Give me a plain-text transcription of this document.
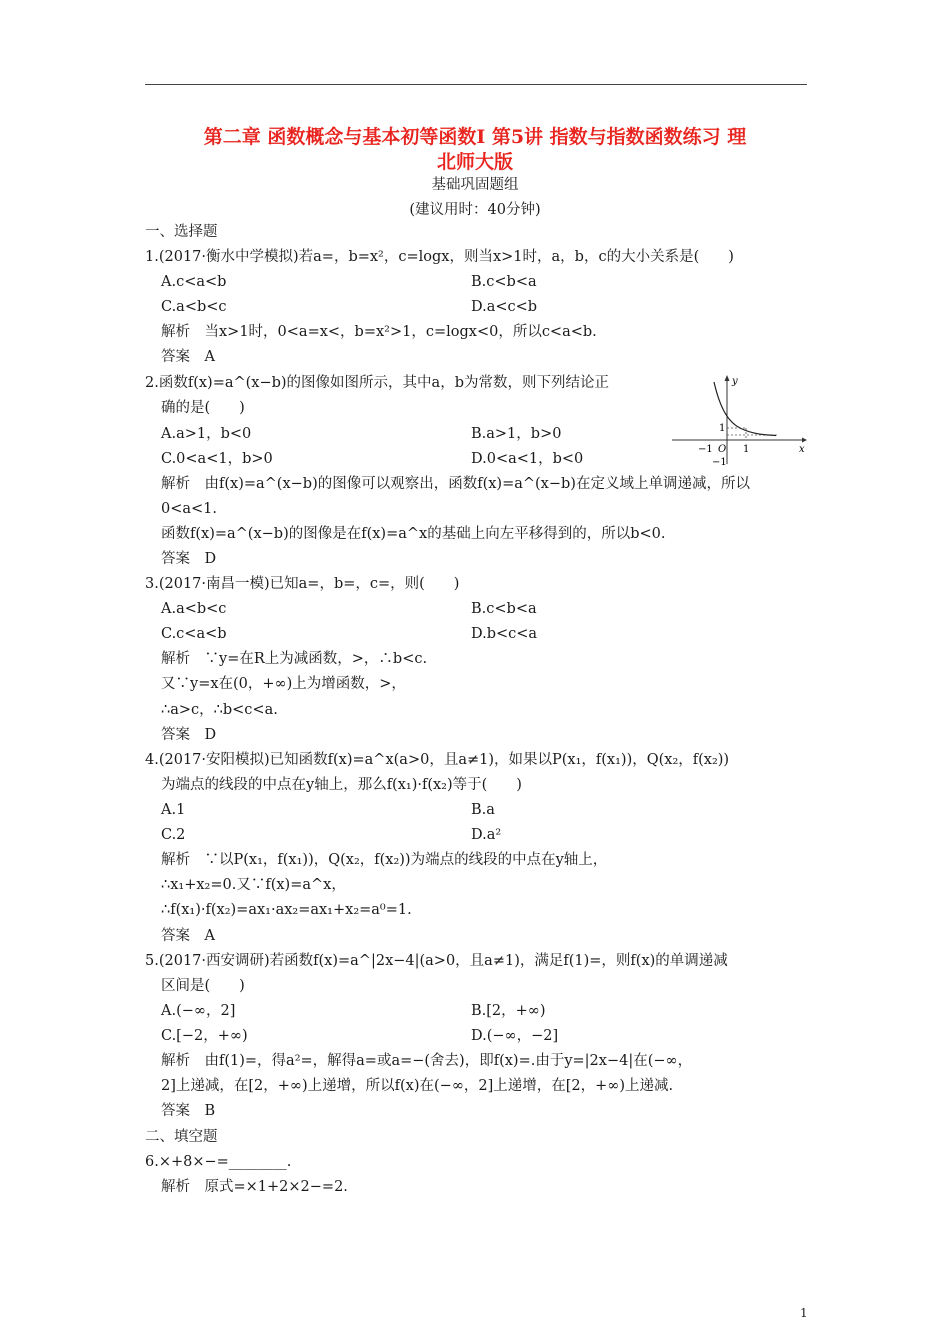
第二章 函数概念与基本初等函数Ⅰ 第5讲 指数与指数函数练习 理
北师大版
基础巩固题组
(建议用时：40分钟)
一、选择题
1.(2017·衡水中学模拟)若a=，b=x²，c=logx，则当x>1时，a，b，c的大小关系是(　　)
A.c<a<b	B.c<b<a
C.a<b<c	D.a<c<b
解析　当x>1时，0<a=x<，b=x²>1，c=logx<0，所以c<a<b.
答案　A
2.函数f(x)=a^(x−b)的图像如图所示，其中a，b为常数，则下列结论正
确的是(　　)
A.a>1，b<0	B.a>1，b>0
C.0<a<1，b>0	D.0<a<1，b<0
y
x
O
−1	1
1
−1
解析　由f(x)=a^(x−b)的图像可以观察出，函数f(x)=a^(x−b)在定义域上单调递减，所以
0<a<1.
函数f(x)=a^(x−b)的图像是在f(x)=a^x的基础上向左平移得到的，所以b<0.
答案　D
3.(2017·南昌一模)已知a=，b=，c=，则(　　)
A.a<b<c	B.c<b<a
C.c<a<b	D.b<c<a
解析　∵y=在R上为减函数，>，∴b<c.
又∵y=x在(0，+∞)上为增函数，>，
∴a>c，∴b<c<a.
答案　D
4.(2017·安阳模拟)已知函数f(x)=a^x(a>0，且a≠1)，如果以P(x₁，f(x₁))，Q(x₂，f(x₂))
为端点的线段的中点在y轴上，那么f(x₁)·f(x₂)等于(　　)
A.1	B.a
C.2	D.a²
解析　∵以P(x₁，f(x₁))，Q(x₂，f(x₂))为端点的线段的中点在y轴上，
∴x₁+x₂=0.又∵f(x)=a^x，
∴f(x₁)·f(x₂)=ax₁·ax₂=ax₁+x₂=a⁰=1.
答案　A
5.(2017·西安调研)若函数f(x)=a^|2x−4|(a>0，且a≠1)，满足f(1)=，则f(x)的单调递减
区间是(　　)
A.(−∞，2]	B.[2，+∞)
C.[−2，+∞)	D.(−∞，−2]
解析　由f(1)=，得a²=，解得a=或a=−(舍去)，即f(x)=.由于y=|2x−4|在(−∞，
2]上递减，在[2，+∞)上递增，所以f(x)在(−∞，2]上递增，在[2，+∞)上递减.
答案　B
二、填空题
6.×+8×−=________.
解析　原式=×1+2×2−=2.
1
